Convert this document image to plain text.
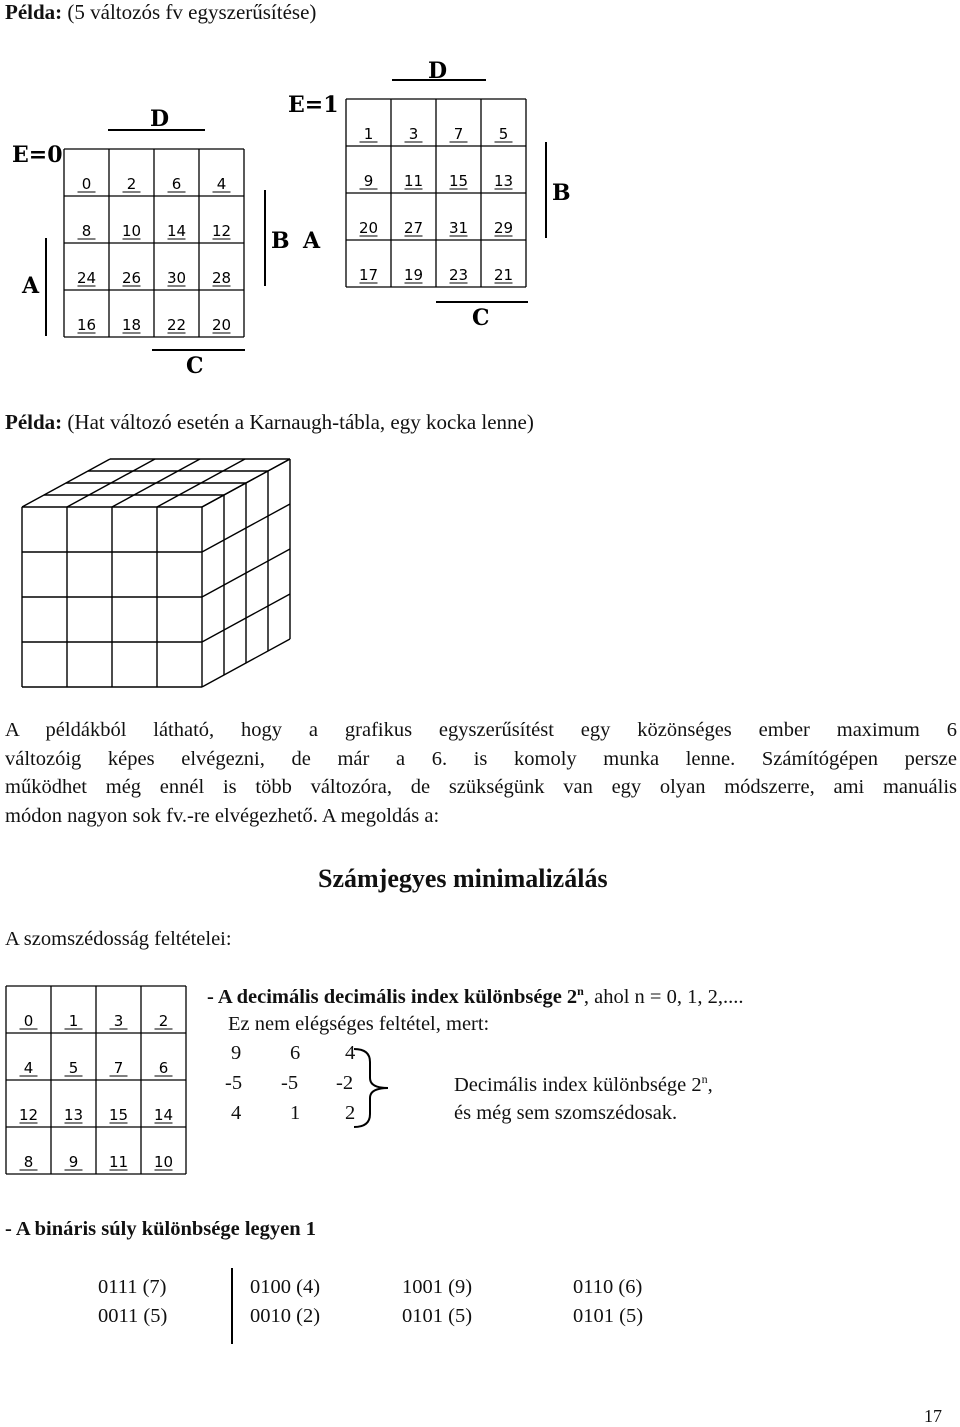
Példa: (5 változós fv egyszerűsítése)
E=0
D
0 2 6 4
8 10 14 12
24 26 30 28
16 18 22 20
A
C
E=1
D
1 3 7 5
9 11 15 13
20 27 31 29
17 19 23 21
B A
B
C
Példa: (Hat változó esetén a Karnaugh-tábla, egy kocka lenne)
A példákból látható, hogy a grafikus egyszerűsítést egy közönséges ember maximum 6
változóig képes elvégezni, de már a 6. is komoly munka lenne. Számítógépen persze
működhet még ennél is több változóra, de szükségünk van egy olyan módszerre, ami manuális
módon nagyon sok fv.-re elvégezhető. A megoldás a:
Számjegyes minimalizálás
A szomszédosság feltételei:
0 1 3 2
4 5 7 6
12 13 15 14
8 9 11 10
- A decimális decimális index különbsége 2$^n$, ahol n = 0, 1, 2,....
Ez nem elégséges feltétel, mert:
9 6 4
-5 -5 -2
4 1 2
Decimális index különbsége 2$^n$,
és még sem szomszédosak.
- A bináris súly különbsége legyen 1
0111 (7)
0011 (5)
0100 (4)
0010 (2)
1001 (9)
0101 (5)
0110 (6)
0101 (5)
17
